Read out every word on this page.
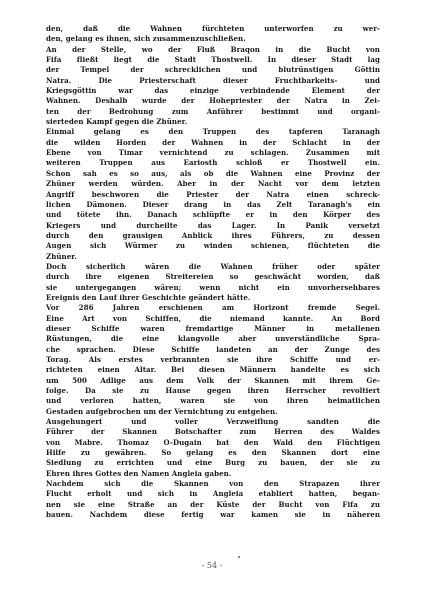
den, daß die Wahnen fürchteten unterworfen zu wer-
den, gelang es ihnen, sich zusammenzuschließen.
An der Stelle, wo der Fluß Braqon in die Bucht von
Fifa fließt liegt die Stadt Thostwell. In dieser Stadt lag
der Tempel der schrecklichen und blutrünstigen Göttin
Natra. Die Priesterschaft dieser Fruchtbarkeits- und
Kriegsgöttin war das einzige verbindende Element der
Wahnen. Deshalb wurde der Hohepriester der Natra in Zei-
ten der Bedrohung zum Anführer bestimmt und organi-
sierteden Kampf gegen die Zhüner.
Einmal gelang es den Truppen des tapferen Taranagh
die wilden Horden der Wahnen in der Schlacht in der
Ebene von Timar vernichtend zu schlagen. Zusammen mit
weiteren Truppen aus Eariosth schloß er Thostwell ein.
Schon sah es so aus, als ob die Wahnen eine Provinz der
Zhüner werden würden. Aber in der Nacht vor dem letzten
Angriff beschworen die Priester der Natra einen schreck-
lichen Dämonen. Dieser drang in das Zelt Taranagh's ein
und tötete ihn. Danach schlüpfte er in den Körper des
Kriegers und durcheilte das Lager. In Panik versetzt
durch den grausigen Anblick ihres Führers, zu dessen
Augen sich Würmer zu winden schienen, flüchteten die
Zhüner.
Doch sicherlich wären die Wahnen früher oder später
durch ihre eigenen Streitereien so geschwächt worden, daß
sie untergegangen wären; wenn nicht ein unvorhersehbares
Ereignis den Lauf ihrer Geschichte geändert hätte.
Vor 286 Jahren erschienen am Horizont fremde Segel.
Eine Art von Schiffen, die niemand kannte. An Bord
dieser Schiffe waren fremdartige Männer in metallenen
Rüstungen, die eine klangvolle aber unverständliche Spra-
che sprachen. Diese Schiffe landeten an der Zunge des
Torag. Als erstes verbrannten sie ihre Schiffe und er-
richteten einen Altar. Bei diesen Männern handelte es sich
um 500 Adlige aus dem Volk der Skannen mit ihrem Ge-
folge. Da sie zu Hause gegen ihren Herrscher revoltiert
und verloren hatten, waren sie von ihren heimatlichen
Gestaden aufgebrochen um der Vernichtung zu entgehen.
Ausgehungert und voller Verzweiflung sandten die
Führer der Skannen Botschafter zum Herren des Waldes
von Mabre. Thomaz O-Dugain bat den Wald den Flüchtigen
Hilfe zu gewähren. So gelang es den Skannen dort eine
Siedlung zu errichten und eine Burg zu bauen, der sie zu
Ehren ihres Gottes den Namen Angleia gaben.
Nachdem sich die Skannen von den Strapazen ihrer
Flucht erholt und sich in Angleia etabliert hatten, began-
nen sie eine Straße an der Küste der Bucht von Fifa zu
bauen. Nachdem diese fertig war kamen sie in näheren
- 54 -
